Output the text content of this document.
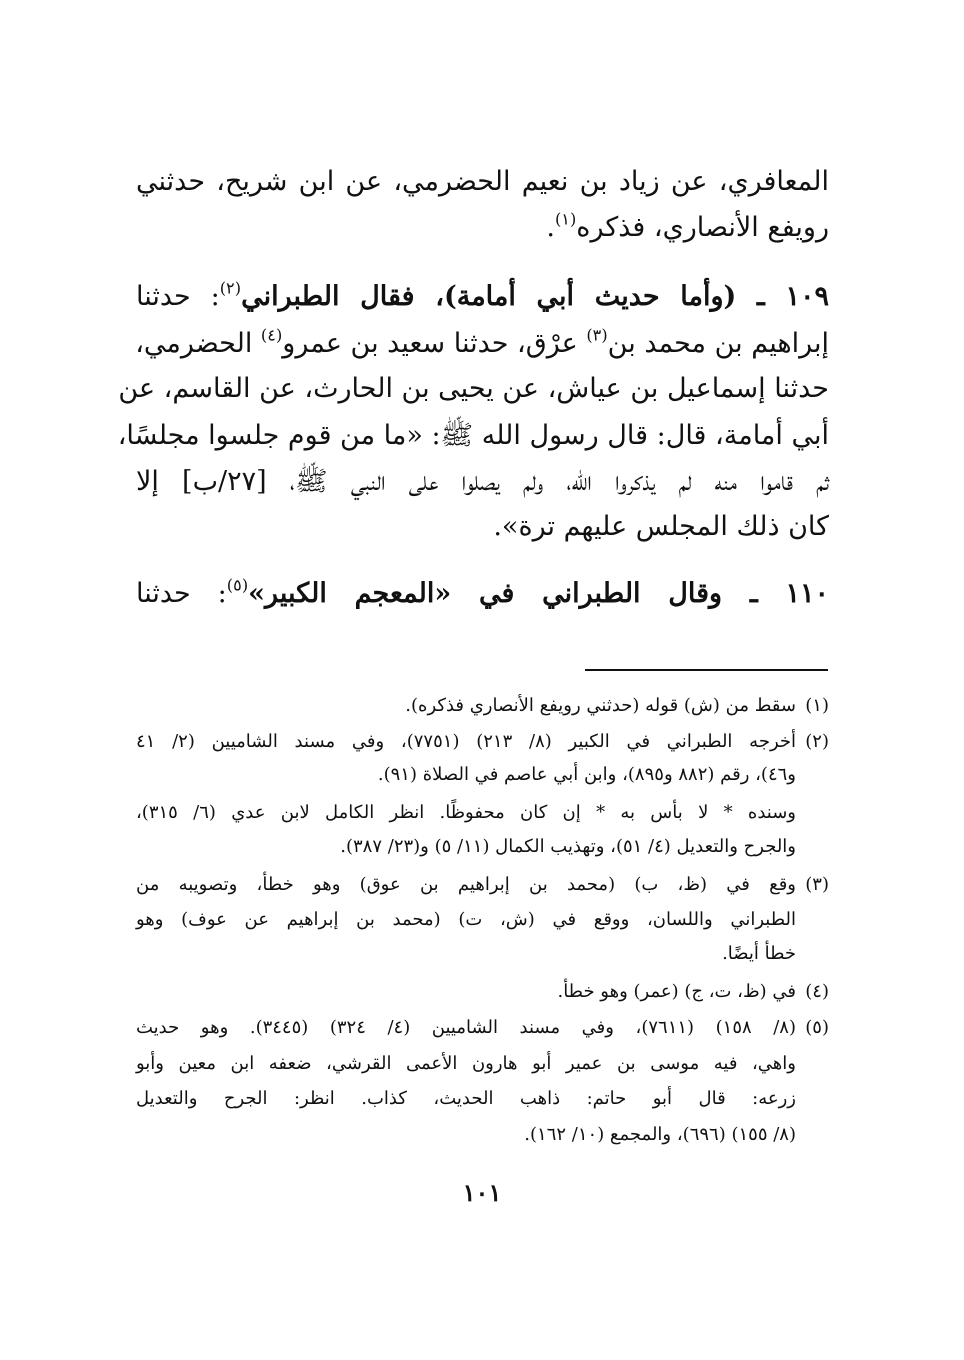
المعافري، عن زياد بن نعيم الحضرمي، عن ابن شريح، حدثني
رويفع الأنصاري، فذكره$^{(١)}$.
١٠٩ ـ (وأما حديث أبي أمامة)، فقال الطبراني$^{(٢)}$: حدثنا
إبراهيم بن محمد بن$^{(٣)}$ عرْق، حدثنا سعيد بن عمرو$^{(٤)}$ الحضرمي،
حدثنا إسماعيل بن عياش، عن يحيى بن الحارث، عن القاسم، عن
أبي أمامة، قال: قال رسول الله ﷺ: «ما من قوم جلسوا مجلسًا،
ثم قاموا منه لم يذكروا الله، ولم يصلوا على النبي ﷺ، [٢٧/ب] إلا
كان ذلك المجلس عليهم ترة».
١١٠ ـ وقال الطبراني في «المعجم الكبير»$^{(٥)}$: حدثنا
(١)
سقط من (ش) قوله (حدثني رويفع الأنصاري فذكره).
(٢)
أخرجه الطبراني في الكبير (٨/ ٢١٣) (٧٧٥١)، وفي مسند الشاميين (٢/ ٤١
و٤٦)، رقم (٨٨٢ و٨٩٥)، وابن أبي عاصم في الصلاة (٩١).
وسنده * لا بأس به * إن كان محفوظًا. انظر الكامل لابن عدي (٦/ ٣١٥)،
والجرح والتعديل (٤/ ٥١)، وتهذيب الكمال (١١/ ٥) و(٢٣/ ٣٨٧).
(٣)
وقع في (ظ، ب) (محمد بن إبراهيم بن عوق) وهو خطأ، وتصويبه من
الطبراني واللسان، ووقع في (ش، ت) (محمد بن إبراهيم عن عوف) وهو
خطأ أيضًا.
(٤)
في (ظ، ت، ج) (عمر) وهو خطأ.
(٥)
(٨/ ١٥٨) (٧٦١١)، وفي مسند الشاميين (٤/ ٣٢٤) (٣٤٤٥). وهو حديث
واهي، فيه موسى بن عمير أبو هارون الأعمى القرشي، ضعفه ابن معين وأبو
زرعه: قال أبو حاتم: ذاهب الحديث، كذاب. انظر: الجرح والتعديل
(٨/ ١٥٥) (٦٩٦)، والمجمع (١٠/ ١٦٢).
١٠١
